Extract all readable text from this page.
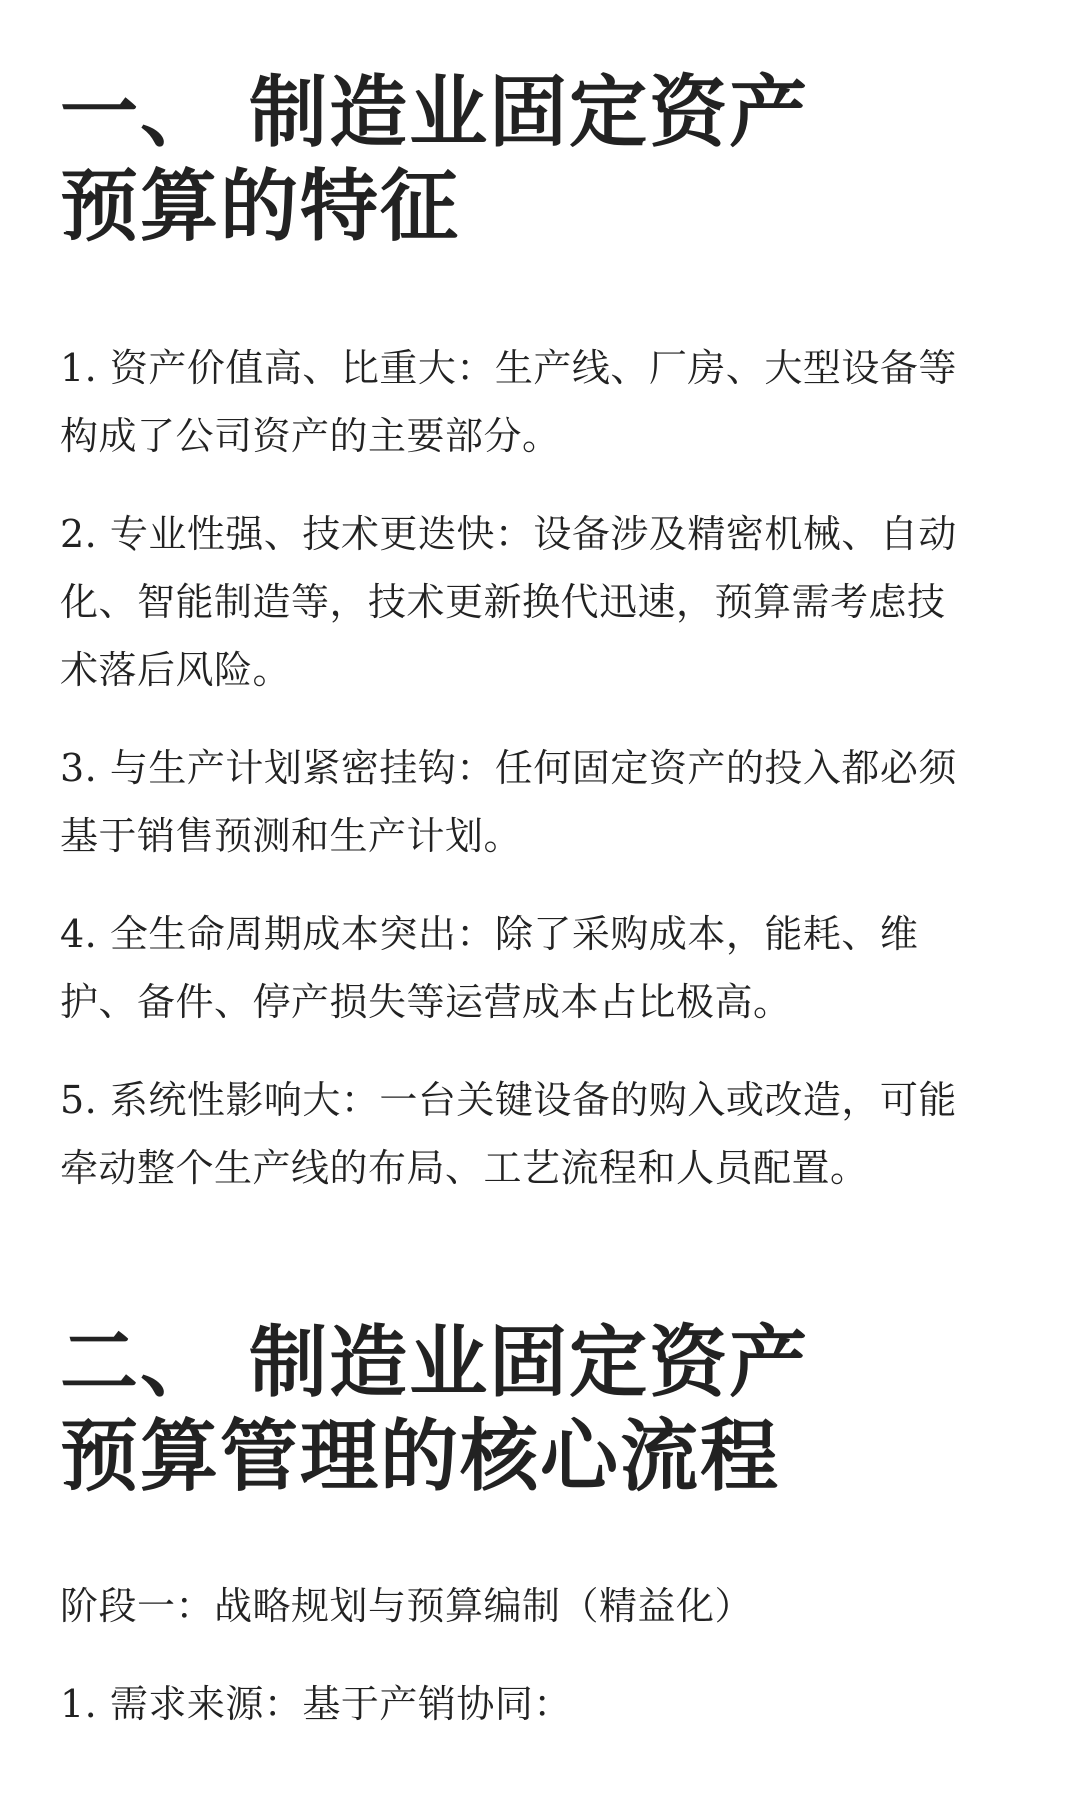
一、 制造业固定资产
预算的特征

1. 资产价值高、比重大：生产线、厂房、大型设备等
构成了公司资产的主要部分。

2. 专业性强、技术更迭快：设备涉及精密机械、自动
化、智能制造等，技术更新换代迅速，预算需考虑技
术落后风险。

3. 与生产计划紧密挂钩：任何固定资产的投入都必须
基于销售预测和生产计划。

4. 全生命周期成本突出：除了采购成本，能耗、维
护、备件、停产损失等运营成本占比极高。

5. 系统性影响大：一台关键设备的购入或改造，可能
牵动整个生产线的布局、工艺流程和人员配置。

二、 制造业固定资产
预算管理的核心流程

阶段一：战略规划与预算编制（精益化）

1. 需求来源：基于产销协同：
